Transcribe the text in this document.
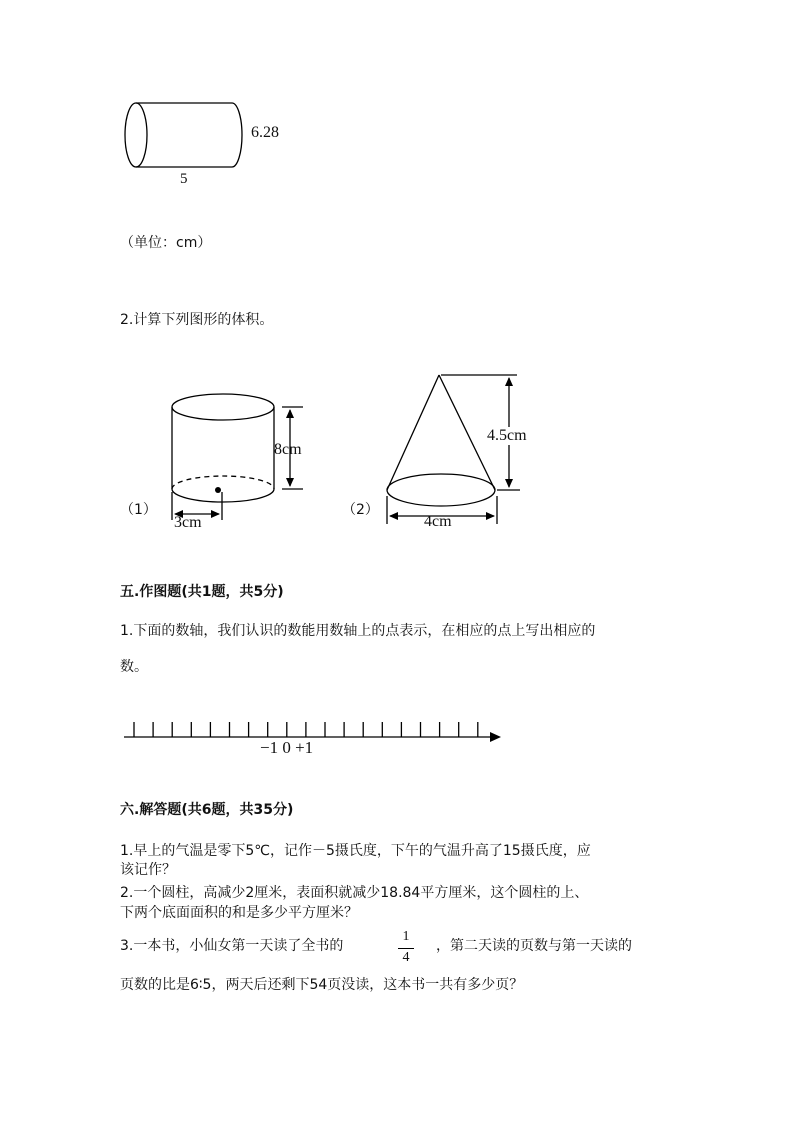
6.28
5
（单位：cm）
2.计算下列图形的体积。
8cm
3cm
（1）
4.5cm
4cm
（2）
五.作图题(共1题，共5分)
1.下面的数轴，我们认识的数能用数轴上的点表示，在相应的点上写出相应的
数。
−1 0 +1
六.解答题(共6题，共35分)
1.早上的气温是零下5℃，记作－5摄氏度，下午的气温升高了15摄氏度，应
该记作？
2.一个圆柱，高减少2厘米，表面积就减少18.84平方厘米，这个圆柱的上、
下两个底面面积的和是多少平方厘米？
3.一本书，小仙女第一天读了全书的
1
4
，第二天读的页数与第一天读的
页数的比是6∶5，两天后还剩下54页没读，这本书一共有多少页？
